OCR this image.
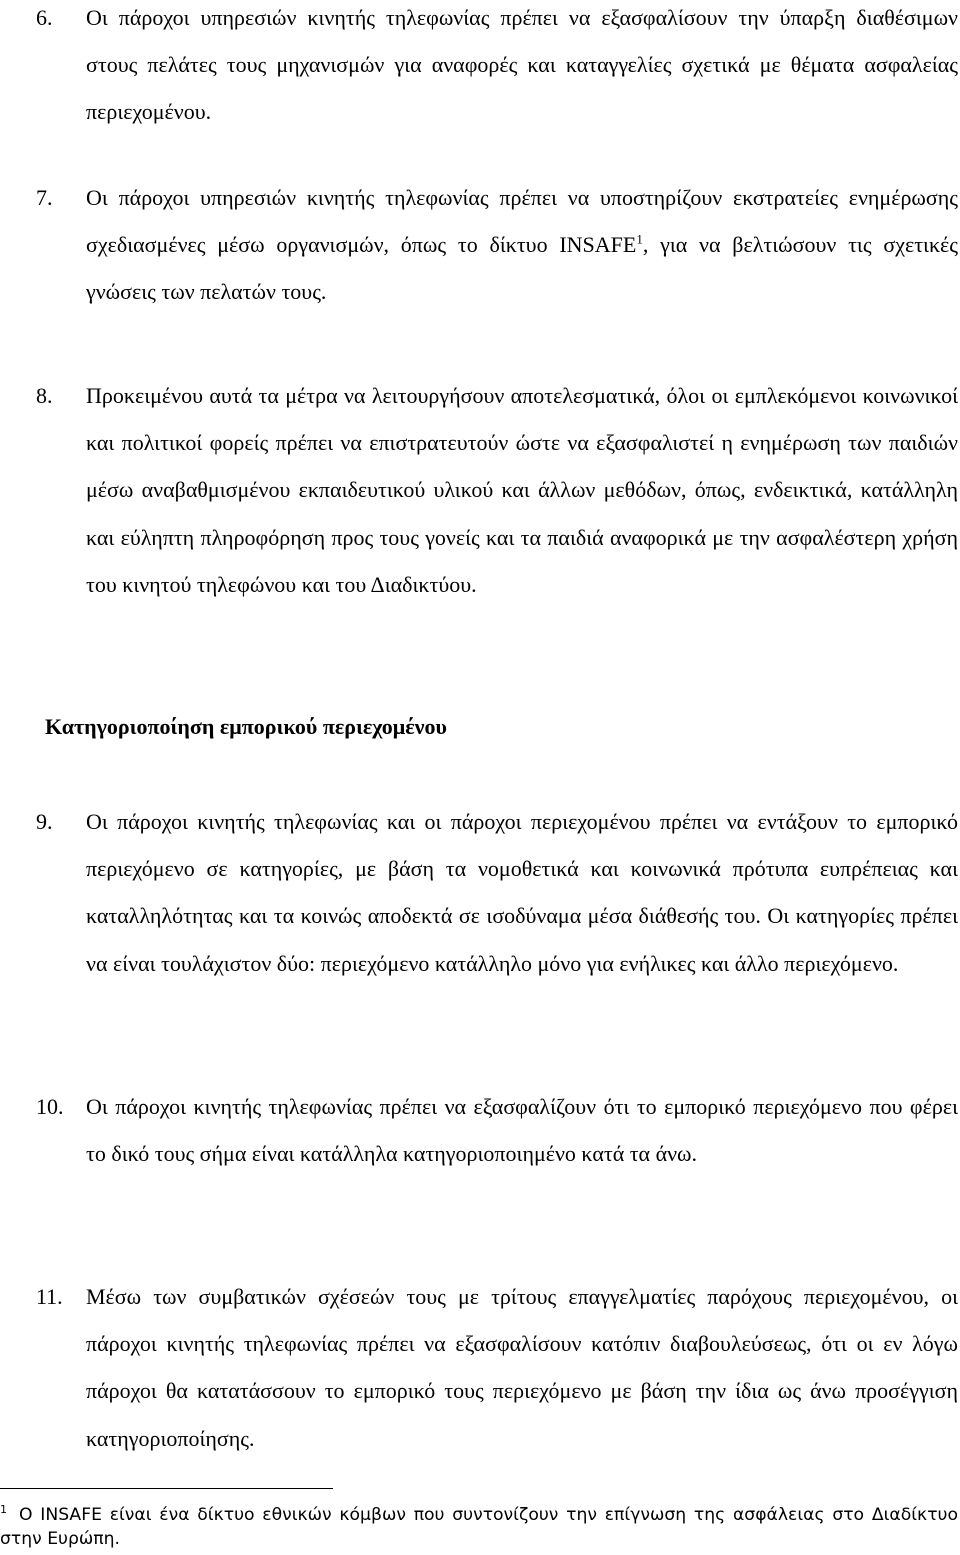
6.	Οι πάροχοι υπηρεσιών κινητής τηλεφωνίας πρέπει να εξασφαλίσουν την ύπαρξη διαθέσιμων στους πελάτες τους μηχανισμών για αναφορές και καταγγελίες σχετικά με θέματα ασφαλείας περιεχομένου.
7.	Οι πάροχοι υπηρεσιών κινητής τηλεφωνίας πρέπει να υποστηρίζουν εκστρατείες ενημέρωσης σχεδιασμένες μέσω οργανισμών, όπως το δίκτυο INSAFE$^1$, για να βελτιώσουν τις σχετικές γνώσεις των πελατών τους.
8.	Προκειμένου αυτά τα μέτρα να λειτουργήσουν αποτελεσματικά, όλοι οι εμπλεκόμενοι κοινωνικοί και πολιτικοί φορείς πρέπει να επιστρατευτούν ώστε να εξασφαλιστεί η ενημέρωση των παιδιών μέσω αναβαθμισμένου εκπαιδευτικού υλικού και άλλων μεθόδων, όπως, ενδεικτικά, κατάλληλη και εύληπτη πληροφόρηση προς τους γονείς και τα παιδιά αναφορικά με την ασφαλέστερη χρήση του κινητού τηλεφώνου και του Διαδικτύου.
Κατηγοριοποίηση εμπορικού περιεχομένου
9.	Οι πάροχοι κινητής τηλεφωνίας και οι πάροχοι περιεχομένου πρέπει να εντάξουν το εμπορικό περιεχόμενο σε κατηγορίες, με βάση τα νομοθετικά και κοινωνικά πρότυπα ευπρέπειας και καταλληλότητας και τα κοινώς αποδεκτά σε ισοδύναμα μέσα διάθεσής του. Οι κατηγορίες πρέπει να είναι τουλάχιστον δύο: περιεχόμενο κατάλληλο μόνο για ενήλικες και άλλο περιεχόμενο.
10.	Οι πάροχοι κινητής τηλεφωνίας πρέπει να εξασφαλίζουν ότι το εμπορικό περιεχόμενο που φέρει το δικό τους σήμα είναι κατάλληλα κατηγοριοποιημένο κατά τα άνω.
11.	Μέσω των συμβατικών σχέσεών τους με τρίτους επαγγελματίες παρόχους περιεχομένου, οι πάροχοι κινητής τηλεφωνίας πρέπει να εξασφαλίσουν κατόπιν διαβουλεύσεως, ότι οι εν λόγω πάροχοι θα κατατάσσουν το εμπορικό τους περιεχόμενο με βάση την ίδια ως άνω προσέγγιση κατηγοριοποίησης.
$^1$ Ο INSAFE είναι ένα δίκτυο εθνικών κόμβων που συντονίζουν την επίγνωση της ασφάλειας στο Διαδίκτυο στην Ευρώπη.
